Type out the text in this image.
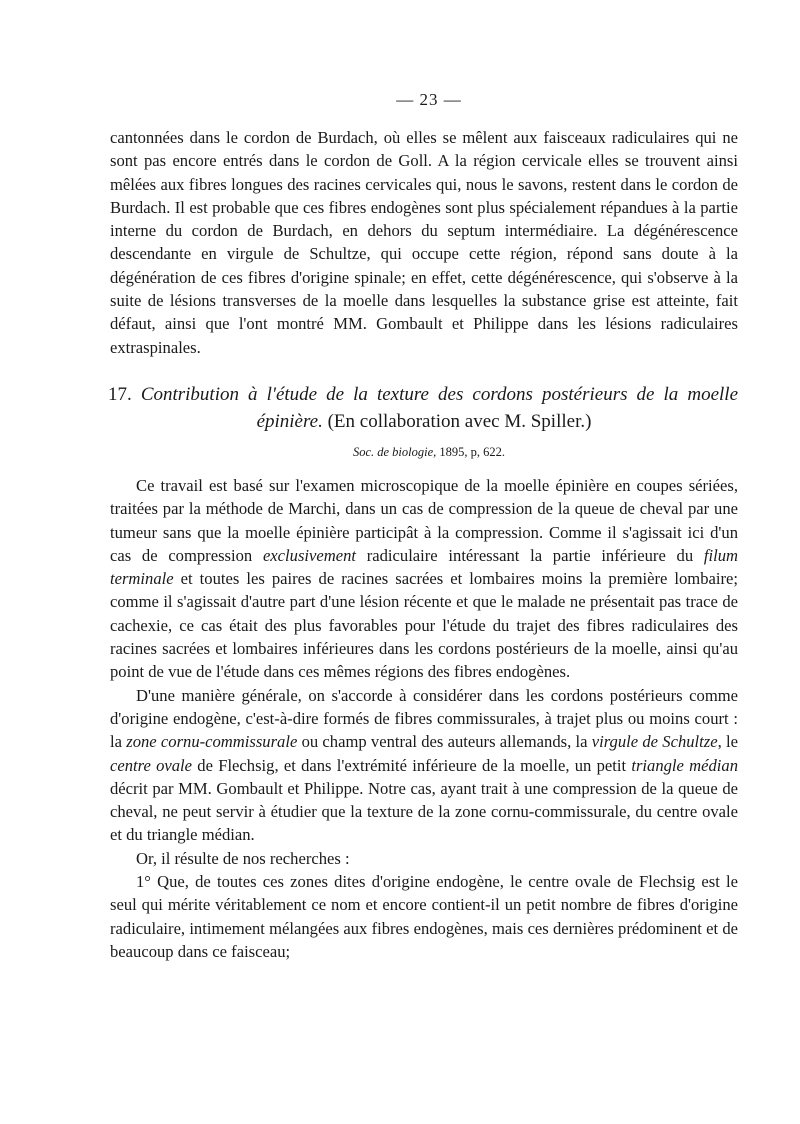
— 23 —

cantonnées dans le cordon de Burdach, où elles se mêlent aux faisceaux radiculaires qui ne sont pas encore entrés dans le cordon de Goll. A la région cervicale elles se trouvent ainsi mêlées aux fibres longues des racines cervicales qui, nous le savons, restent dans le cordon de Burdach. Il est probable que ces fibres endogènes sont plus spécialement répandues à la partie interne du cordon de Burdach, en dehors du septum intermédiaire. La dégénérescence descendante en virgule de Schultze, qui occupe cette région, répond sans doute à la dégénération de ces fibres d'origine spinale; en effet, cette dégénérescence, qui s'observe à la suite de lésions transverses de la moelle dans lesquelles la substance grise est atteinte, fait défaut, ainsi que l'ont montré MM. Gombault et Philippe dans les lésions radiculaires extraspinales.

17. Contribution à l'étude de la texture des cordons postérieurs de la moelle épinière. (En collaboration avec M. Spiller.)
Soc. de biologie, 1895, p, 622.

Ce travail est basé sur l'examen microscopique de la moelle épinière en coupes sériées, traitées par la méthode de Marchi, dans un cas de compression de la queue de cheval par une tumeur sans que la moelle épinière participât à la compression. Comme il s'agissait ici d'un cas de compression exclusivement radiculaire intéressant la partie inférieure du filum terminale et toutes les paires de racines sacrées et lombaires moins la première lombaire; comme il s'agissait d'autre part d'une lésion récente et que le malade ne présentait pas trace de cachexie, ce cas était des plus favorables pour l'étude du trajet des fibres radiculaires des racines sacrées et lombaires inférieures dans les cordons postérieurs de la moelle, ainsi qu'au point de vue de l'étude dans ces mêmes régions des fibres endogènes.

D'une manière générale, on s'accorde à considérer dans les cordons postérieurs comme d'origine endogène, c'est-à-dire formés de fibres commissurales, à trajet plus ou moins court : la zone cornu-commissurale ou champ ventral des auteurs allemands, la virgule de Schultze, le centre ovale de Flechsig, et dans l'extrémité inférieure de la moelle, un petit triangle médian décrit par MM. Gombault et Philippe. Notre cas, ayant trait à une compression de la queue de cheval, ne peut servir à étudier que la texture de la zone cornu-commissurale, du centre ovale et du triangle médian.

Or, il résulte de nos recherches :

1° Que, de toutes ces zones dites d'origine endogène, le centre ovale de Flechsig est le seul qui mérite véritablement ce nom et encore contient-il un petit nombre de fibres d'origine radiculaire, intimement mélangées aux fibres endogènes, mais ces dernières prédominent et de beaucoup dans ce faisceau;
